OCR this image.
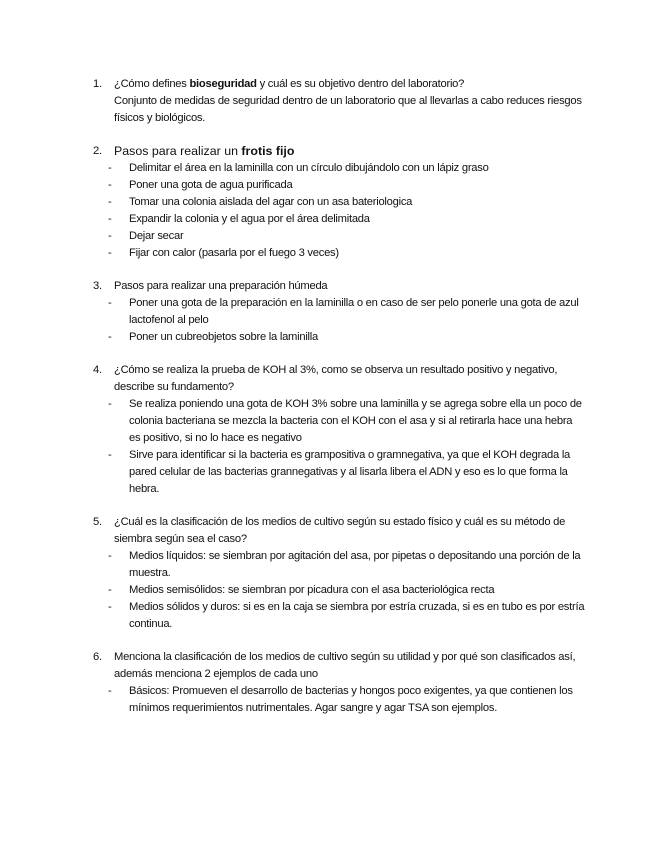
1.	¿Cómo defines bioseguridad y cuál es su objetivo dentro del laboratorio?
Conjunto de medidas de seguridad dentro de un laboratorio que al llevarlas a cabo reduces riesgos físicos y biológicos.
2. Pasos para realizar un frotis fijo
- Delimitar el área en la laminilla con un círculo dibujándolo con un lápiz graso
- Poner una gota de agua purificada
- Tomar una colonia aislada del agar con un asa bateriologica
- Expandir la colonia y el agua por el área delimitada
- Dejar secar
- Fijar con calor (pasarla por el fuego 3 veces)
3.	Pasos para realizar una preparación húmeda
- Poner una gota de la preparación en la laminilla o en caso de ser pelo ponerle una gota de azul lactofenol al pelo
- Poner un cubreobjetos sobre la laminilla
4.	¿Cómo se realiza la prueba de KOH al 3%, como se observa un resultado positivo y negativo, describe su fundamento?
- Se realiza poniendo una gota de KOH 3% sobre una laminilla y se agrega sobre ella un poco de colonia bacteriana se mezcla la bacteria con el KOH con el asa y si al retirarla hace una hebra es positivo, si no lo hace es negativo
- Sirve para identificar si la bacteria es grampositiva o gramnegativa, ya que el KOH degrada la pared celular de las bacterias grannegativas y al lisarla libera el ADN y eso es lo que forma la hebra.
5.	¿Cuál es la clasificación de los medios de cultivo según su estado físico y cuál es su método de siembra según sea el caso?
- Medios líquidos: se siembran por agitación del asa, por pipetas o depositando una porción de la muestra.
- Medios semisólidos: se siembran por picadura con el asa bacteriológica recta
- Medios sólidos y duros: si es en la caja se siembra por estría cruzada, si es en tubo es por estría continua.
6.	Menciona la clasificación de los medios de cultivo según su utilidad y por qué son clasificados así, además menciona 2 ejemplos de cada uno
- Básicos: Promueven el desarrollo de bacterias y hongos poco exigentes, ya que contienen los mínimos requerimientos nutrimentales. Agar sangre y agar TSA son ejemplos.
